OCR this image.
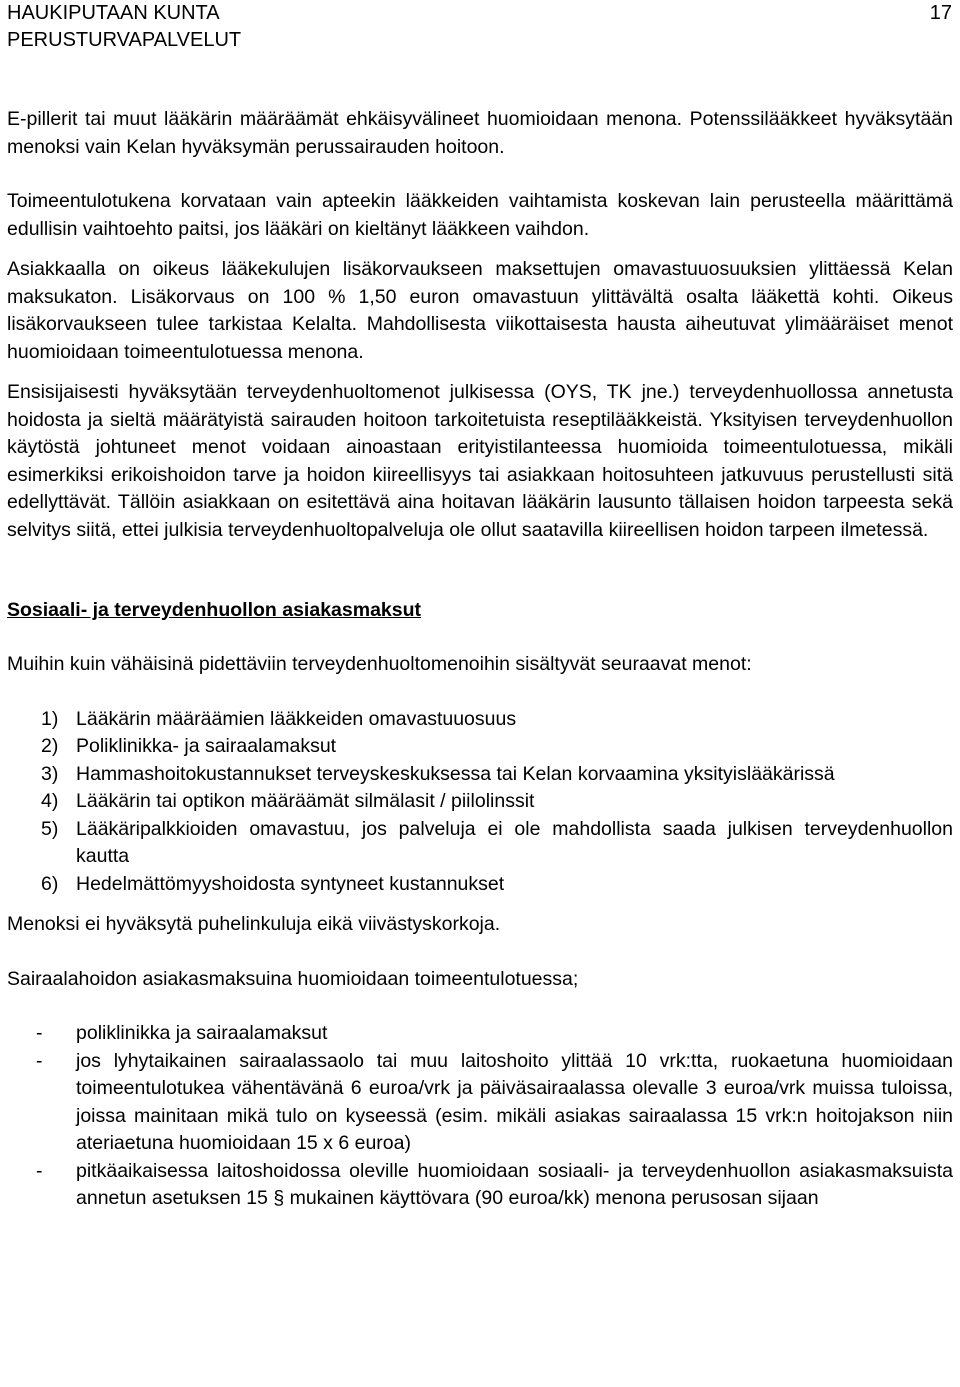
HAUKIPUTAAN KUNTA
PERUSTURVAPALVELUT
17

E-pillerit tai muut lääkärin määräämät ehkäisyvälineet huomioidaan menona. Potenssilääkkeet hyväksytään menoksi vain Kelan hyväksymän perussairauden hoitoon.

Toimeentulotukena korvataan vain apteekin lääkkeiden vaihtamista koskevan lain perusteella määrittämä edullisin vaihtoehto paitsi, jos lääkäri on kieltänyt lääkkeen vaihdon.

Asiakkaalla on oikeus lääkekulujen lisäkorvaukseen maksettujen omavastuuosuuksien ylittäessä Kelan maksukaton. Lisäkorvaus on 100 % 1,50 euron omavastuun ylittävältä osalta lääkettä kohti. Oikeus lisäkorvaukseen tulee tarkistaa Kelalta. Mahdollisesta viikottaisesta hausta aiheutuvat ylimääräiset menot huomioidaan toimeentulotuessa menona.

Ensisijaisesti hyväksytään terveydenhuoltomenot julkisessa (OYS, TK jne.) terveydenhuollossa annetusta hoidosta ja sieltä määrätyistä sairauden hoitoon tarkoitetuista reseptilääkkeistä. Yksityisen terveydenhuollon käytöstä johtuneet menot voidaan ainoastaan erityistilanteessa huomioida toimeentulotuessa, mikäli esimerkiksi erikoishoidon tarve ja hoidon kiireellisyys tai asiakkaan hoitosuhteen jatkuvuus perustellusti sitä edellyttävät. Tällöin asiakkaan on esitettävä aina hoitavan lääkärin lausunto tällaisen hoidon tarpeesta sekä selvitys siitä, ettei julkisia terveydenhuoltopalveluja ole ollut saatavilla kiireellisen hoidon tarpeen ilmetessä.

Sosiaali- ja terveydenhuollon asiakasmaksut

Muihin kuin vähäisinä pidettäviin terveydenhuoltomenoihin sisältyvät seuraavat menot:

1) Lääkärin määräämien lääkkeiden omavastuuosuus
2) Poliklinikka- ja sairaalamaksut
3) Hammashoitokustannukset terveyskeskuksessa tai Kelan korvaamina yksityislääkärissä
4) Lääkärin tai optikon määräämät silmälasit / piilolinssit
5) Lääkäripalkkioiden omavastuu, jos palveluja ei ole mahdollista saada julkisen terveydenhuollon kautta
6) Hedelmättömyyshoidosta syntyneet kustannukset

Menoksi ei hyväksytä puhelinkuluja eikä viivästyskorkoja.

Sairaalahoidon asiakasmaksuina huomioidaan toimeentulotuessa;

- poliklinikka ja sairaalamaksut
- jos lyhytaikainen sairaalassaolo tai muu laitoshoito ylittää 10 vrk:tta, ruokaetuna huomioidaan toimeentulotukea vähentävänä 6 euroa/vrk ja päiväsairaalassa olevalle 3 euroa/vrk muissa tuloissa, joissa mainitaan mikä tulo on kyseessä (esim. mikäli asiakas sairaalassa 15 vrk:n hoitojakson niin ateriaetuna huomioidaan 15 x 6 euroa)
- pitkäaikaisessa laitoshoidossa oleville huomioidaan sosiaali- ja terveydenhuollon asiakasmaksuista annetun asetuksen 15 § mukainen käyttövara (90 euroa/kk) menona perusosan sijaan
